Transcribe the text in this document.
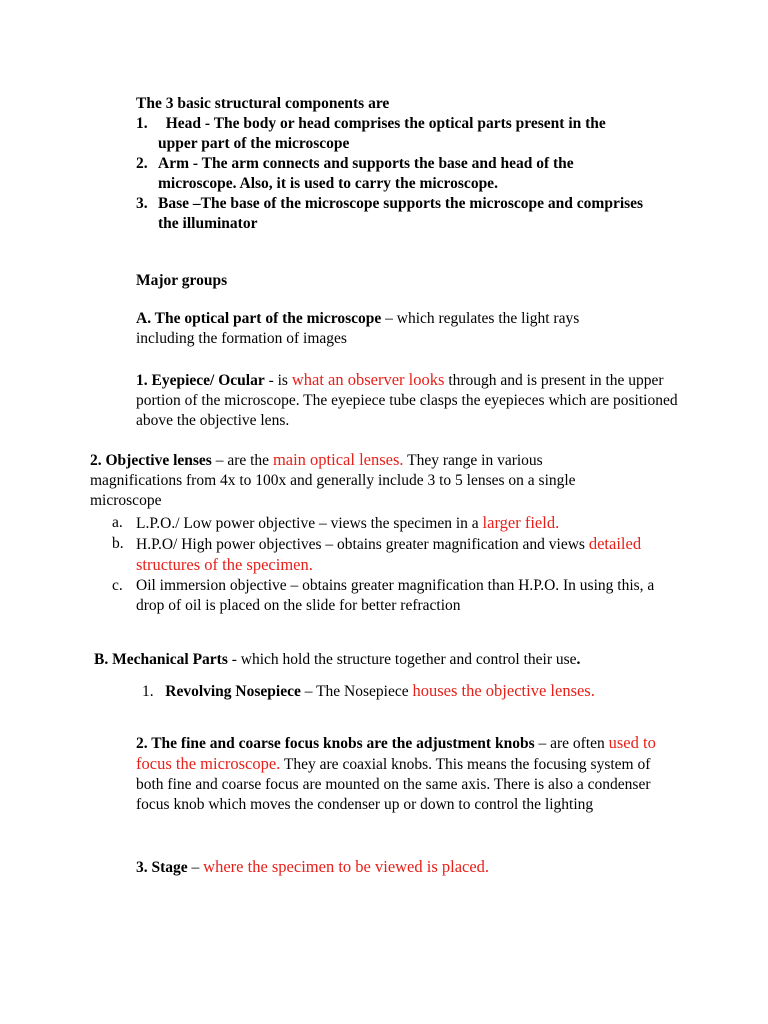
The 3 basic structural components are
1.	Head - The body or head comprises the optical parts present in the upper part of the microscope
2. Arm - The arm connects and supports the base and head of the microscope. Also, it is used to carry the microscope.
3. Base –The base of the microscope supports the microscope and comprises the illuminator
Major groups
A. The optical part of the microscope – which regulates the light rays including the formation of images
1. Eyepiece/ Ocular - is what an observer looks through and is present in the upper portion of the microscope. The eyepiece tube clasps the eyepieces which are positioned above the objective lens.
2. Objective lenses – are the main optical lenses. They range in various magnifications from 4x to 100x and generally include 3 to 5 lenses on a single microscope
a. L.P.O./ Low power objective – views the specimen in a larger field.
b. H.P.O/ High power objectives – obtains greater magnification and views detailed structures of the specimen.
c. Oil immersion objective – obtains greater magnification than H.P.O. In using this, a drop of oil is placed on the slide for better refraction
B. Mechanical Parts - which hold the structure together and control their use.
1. Revolving Nosepiece – The Nosepiece houses the objective lenses.
2. The fine and coarse focus knobs are the adjustment knobs – are often used to focus the microscope. They are coaxial knobs. This means the focusing system of both fine and coarse focus are mounted on the same axis. There is also a condenser focus knob which moves the condenser up or down to control the lighting
3. Stage – where the specimen to be viewed is placed.
